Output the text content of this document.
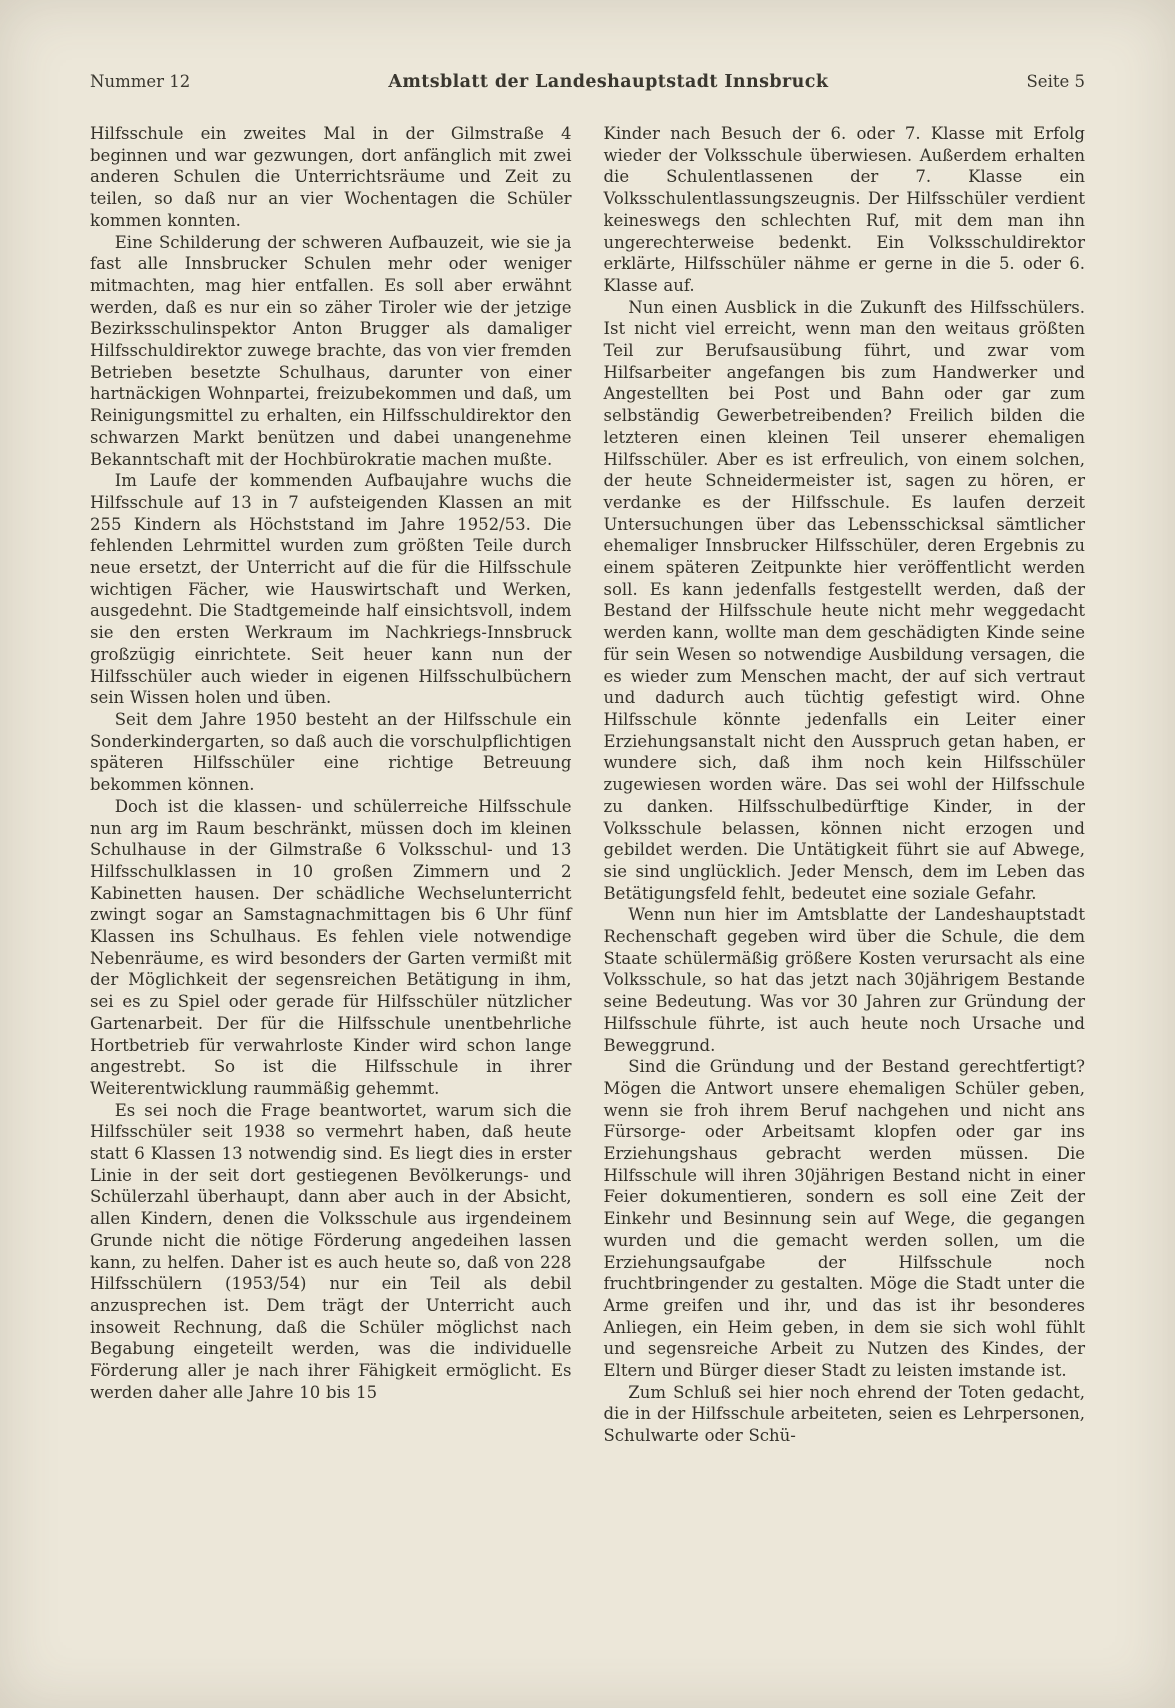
Nummer 12	Amtsblatt der Landeshauptstadt Innsbruck	Seite 5

Hilfsschule ein zweites Mal in der Gilmstraße 4 beginnen und war gezwungen, dort anfänglich mit zwei anderen Schulen die Unterrichtsräume und Zeit zu teilen, so daß nur an vier Wochentagen die Schüler kommen konnten.

Eine Schilderung der schweren Aufbauzeit, wie sie ja fast alle Innsbrucker Schulen mehr oder weniger mitmachten, mag hier entfallen. Es soll aber erwähnt werden, daß es nur ein so zäher Tiroler wie der jetzige Bezirksschulinspektor Anton Brugger als damaliger Hilfsschuldirektor zuwege brachte, das von vier fremden Betrieben besetzte Schulhaus, darunter von einer hartnäckigen Wohnpartei, freizubekommen und daß, um Reinigungsmittel zu erhalten, ein Hilfsschuldirektor den schwarzen Markt benützen und dabei unangenehme Bekanntschaft mit der Hochbürokratie machen mußte.

Im Laufe der kommenden Aufbaujahre wuchs die Hilfsschule auf 13 in 7 aufsteigenden Klassen an mit 255 Kindern als Höchststand im Jahre 1952/53. Die fehlenden Lehrmittel wurden zum größten Teile durch neue ersetzt, der Unterricht auf die für die Hilfsschule wichtigen Fächer, wie Hauswirtschaft und Werken, ausgedehnt. Die Stadtgemeinde half einsichtsvoll, indem sie den ersten Werkraum im Nachkriegs-Innsbruck großzügig einrichtete. Seit heuer kann nun der Hilfsschüler auch wieder in eigenen Hilfsschulbüchern sein Wissen holen und üben.

Seit dem Jahre 1950 besteht an der Hilfsschule ein Sonderkindergarten, so daß auch die vorschulpflichtigen späteren Hilfsschüler eine richtige Betreuung bekommen können.

Doch ist die klassen- und schülerreiche Hilfsschule nun arg im Raum beschränkt, müssen doch im kleinen Schulhause in der Gilmstraße 6 Volksschul- und 13 Hilfsschulklassen in 10 großen Zimmern und 2 Kabinetten hausen. Der schädliche Wechselunterricht zwingt sogar an Samstagnachmittagen bis 6 Uhr fünf Klassen ins Schulhaus. Es fehlen viele notwendige Nebenräume, es wird besonders der Garten vermißt mit der Möglichkeit der segensreichen Betätigung in ihm, sei es zu Spiel oder gerade für Hilfsschüler nützlicher Gartenarbeit. Der für die Hilfsschule unentbehrliche Hortbetrieb für verwahrloste Kinder wird schon lange angestrebt. So ist die Hilfsschule in ihrer Weiterentwicklung raummäßig gehemmt.

Es sei noch die Frage beantwortet, warum sich die Hilfsschüler seit 1938 so vermehrt haben, daß heute statt 6 Klassen 13 notwendig sind. Es liegt dies in erster Linie in der seit dort gestiegenen Bevölkerungs- und Schülerzahl überhaupt, dann aber auch in der Absicht, allen Kindern, denen die Volksschule aus irgendeinem Grunde nicht die nötige Förderung angedeihen lassen kann, zu helfen. Daher ist es auch heute so, daß von 228 Hilfsschülern (1953/54) nur ein Teil als debil anzusprechen ist. Dem trägt der Unterricht auch insoweit Rechnung, daß die Schüler möglichst nach Begabung eingeteilt werden, was die individuelle Förderung aller je nach ihrer Fähigkeit ermöglicht. Es werden daher alle Jahre 10 bis 15

Kinder nach Besuch der 6. oder 7. Klasse mit Erfolg wieder der Volksschule überwiesen. Außerdem erhalten die Schulentlassenen der 7. Klasse ein Volksschulentlassungszeugnis. Der Hilfsschüler verdient keineswegs den schlechten Ruf, mit dem man ihn ungerechterweise bedenkt. Ein Volksschuldirektor erklärte, Hilfsschüler nähme er gerne in die 5. oder 6. Klasse auf.

Nun einen Ausblick in die Zukunft des Hilfsschülers. Ist nicht viel erreicht, wenn man den weitaus größten Teil zur Berufsausübung führt, und zwar vom Hilfsarbeiter angefangen bis zum Handwerker und Angestellten bei Post und Bahn oder gar zum selbständig Gewerbetreibenden? Freilich bilden die letzteren einen kleinen Teil unserer ehemaligen Hilfsschüler. Aber es ist erfreulich, von einem solchen, der heute Schneidermeister ist, sagen zu hören, er verdanke es der Hilfsschule. Es laufen derzeit Untersuchungen über das Lebensschicksal sämtlicher ehemaliger Innsbrucker Hilfsschüler, deren Ergebnis zu einem späteren Zeitpunkte hier veröffentlicht werden soll. Es kann jedenfalls festgestellt werden, daß der Bestand der Hilfsschule heute nicht mehr weggedacht werden kann, wollte man dem geschädigten Kinde seine für sein Wesen so notwendige Ausbildung versagen, die es wieder zum Menschen macht, der auf sich vertraut und dadurch auch tüchtig gefestigt wird. Ohne Hilfsschule könnte jedenfalls ein Leiter einer Erziehungsanstalt nicht den Ausspruch getan haben, er wundere sich, daß ihm noch kein Hilfsschüler zugewiesen worden wäre. Das sei wohl der Hilfsschule zu danken. Hilfsschulbedürftige Kinder, in der Volksschule belassen, können nicht erzogen und gebildet werden. Die Untätigkeit führt sie auf Abwege, sie sind unglücklich. Jeder Mensch, dem im Leben das Betätigungsfeld fehlt, bedeutet eine soziale Gefahr.

Wenn nun hier im Amtsblatte der Landeshauptstadt Rechenschaft gegeben wird über die Schule, die dem Staate schülermäßig größere Kosten verursacht als eine Volksschule, so hat das jetzt nach 30jährigem Bestande seine Bedeutung. Was vor 30 Jahren zur Gründung der Hilfsschule führte, ist auch heute noch Ursache und Beweggrund.

Sind die Gründung und der Bestand gerechtfertigt? Mögen die Antwort unsere ehemaligen Schüler geben, wenn sie froh ihrem Beruf nachgehen und nicht ans Fürsorge- oder Arbeitsamt klopfen oder gar ins Erziehungshaus gebracht werden müssen. Die Hilfsschule will ihren 30jährigen Bestand nicht in einer Feier dokumentieren, sondern es soll eine Zeit der Einkehr und Besinnung sein auf Wege, die gegangen wurden und die gemacht werden sollen, um die Erziehungsaufgabe der Hilfsschule noch fruchtbringender zu gestalten. Möge die Stadt unter die Arme greifen und ihr, und das ist ihr besonderes Anliegen, ein Heim geben, in dem sie sich wohl fühlt und segensreiche Arbeit zu Nutzen des Kindes, der Eltern und Bürger dieser Stadt zu leisten imstande ist.

Zum Schluß sei hier noch ehrend der Toten gedacht, die in der Hilfsschule arbeiteten, seien es Lehrpersonen, Schulwarte oder Schü-
